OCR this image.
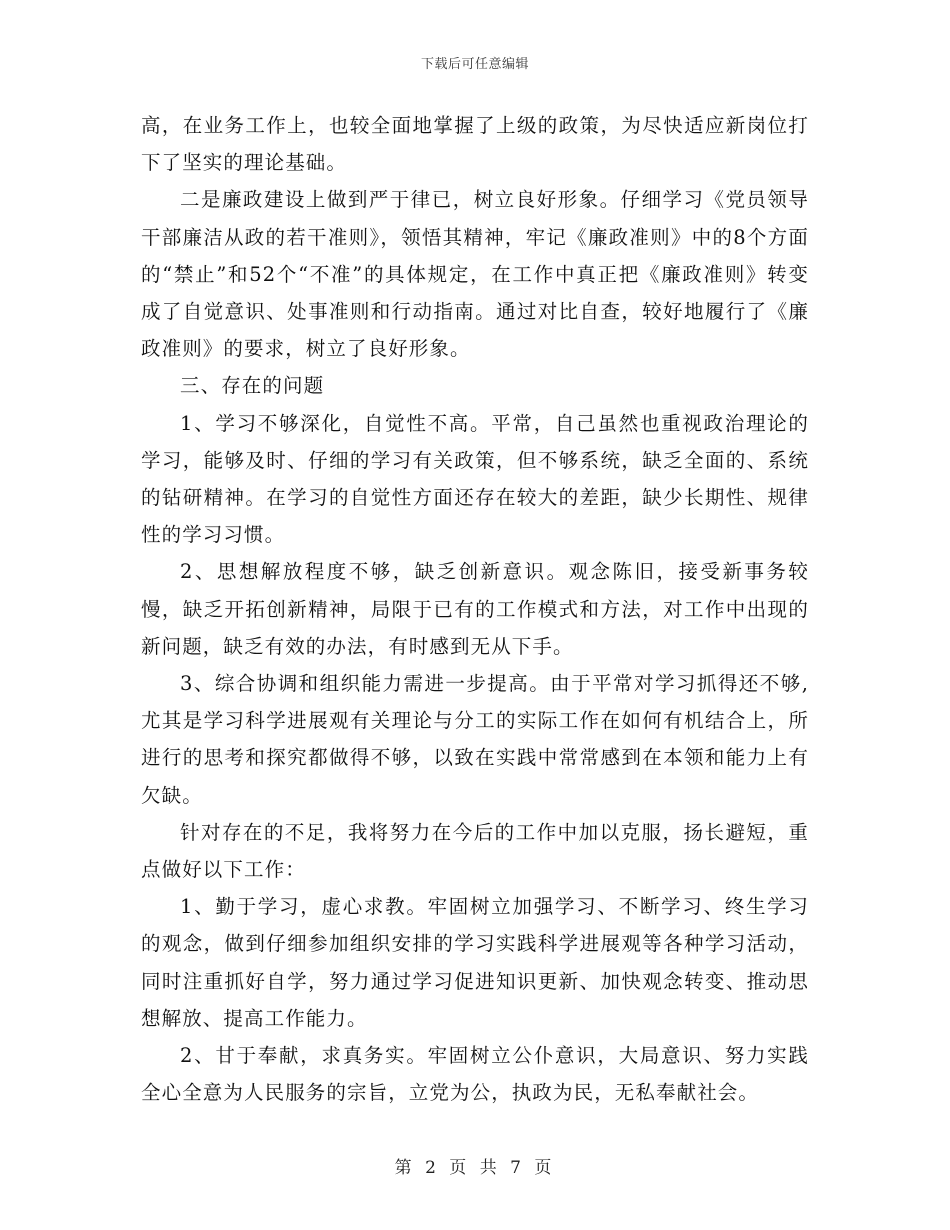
下载后可任意编辑

高，在业务工作上，也较全面地掌握了上级的政策，为尽快适应新岗位打下了坚实的理论基础。

二是廉政建设上做到严于律已，树立良好形象。仔细学习《党员领导干部廉洁从政的若干准则》，领悟其精神，牢记《廉政准则》中的8个方面的“禁止”和52个“不准”的具体规定，在工作中真正把《廉政准则》转变成了自觉意识、处事准则和行动指南。通过对比自查，较好地履行了《廉政准则》的要求，树立了良好形象。

三、存在的问题

1、学习不够深化，自觉性不高。平常，自己虽然也重视政治理论的学习，能够及时、仔细的学习有关政策，但不够系统，缺乏全面的、系统的钻研精神。在学习的自觉性方面还存在较大的差距，缺少长期性、规律性的学习习惯。

2、思想解放程度不够，缺乏创新意识。观念陈旧，接受新事务较慢，缺乏开拓创新精神，局限于已有的工作模式和方法，对工作中出现的新问题，缺乏有效的办法，有时感到无从下手。

3、综合协调和组织能力需进一步提高。由于平常对学习抓得还不够,尤其是学习科学进展观有关理论与分工的实际工作在如何有机结合上，所进行的思考和探究都做得不够，以致在实践中常常感到在本领和能力上有欠缺。

针对存在的不足，我将努力在今后的工作中加以克服，扬长避短，重点做好以下工作：

1、勤于学习，虚心求教。牢固树立加强学习、不断学习、终生学习的观念，做到仔细参加组织安排的学习实践科学进展观等各种学习活动，同时注重抓好自学，努力通过学习促进知识更新、加快观念转变、推动思想解放、提高工作能力。

2、甘于奉献，求真务实。牢固树立公仆意识，大局意识、努力实践全心全意为人民服务的宗旨，立党为公，执政为民，无私奉献社会。

第 2 页 共 7 页
